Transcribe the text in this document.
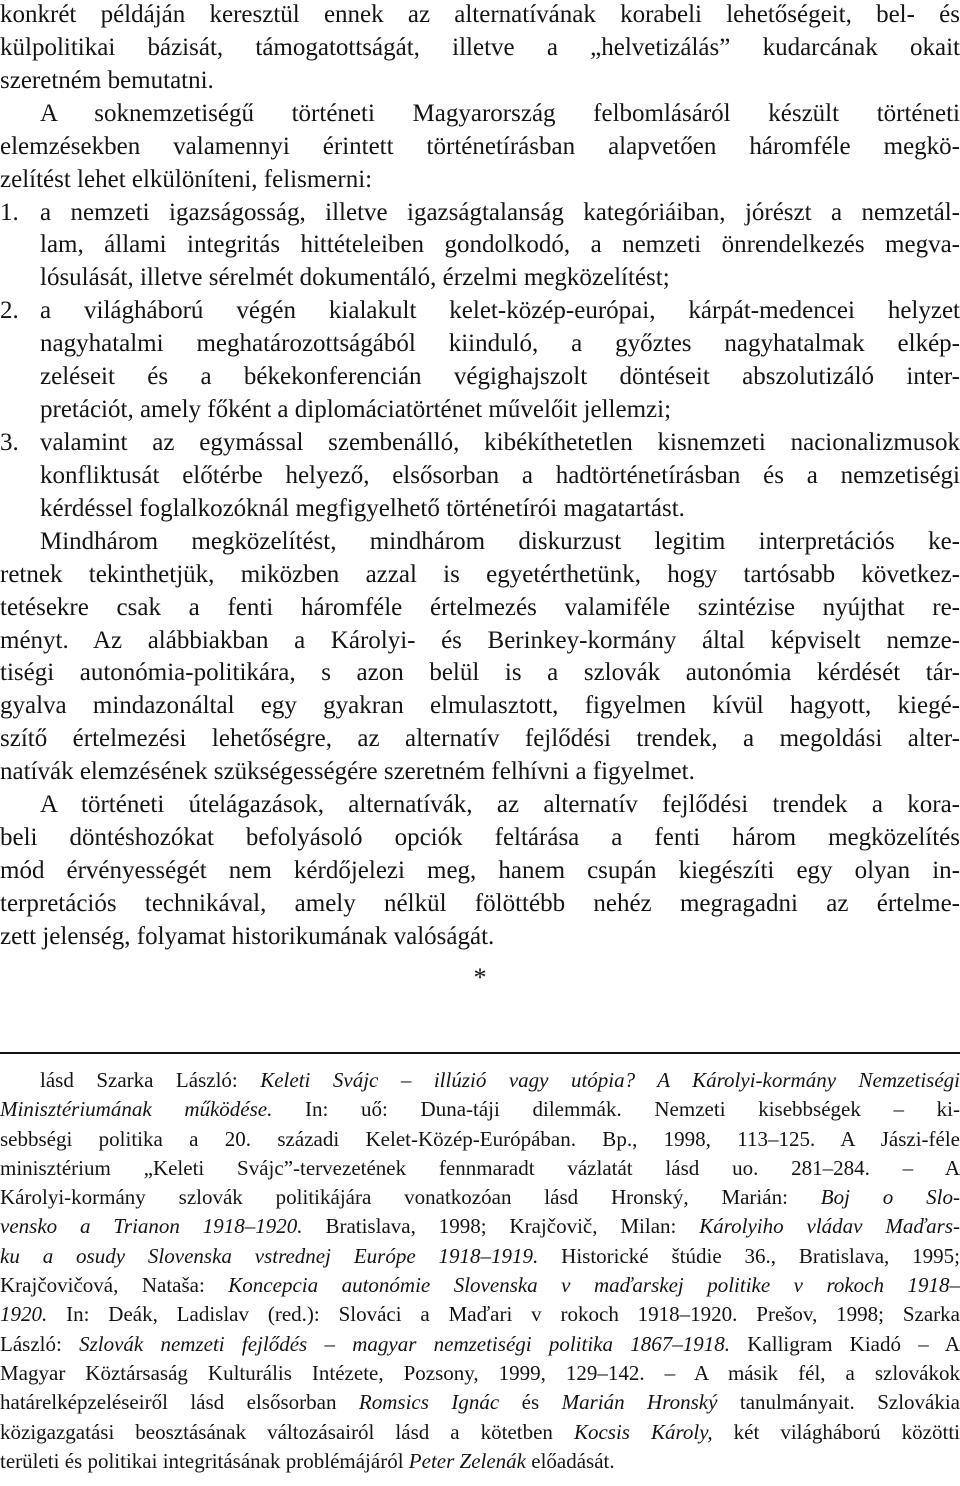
konkrét példáján keresztül ennek az alternatívának korabeli lehetőségeit, bel- és
külpolitikai bázisát, támogatottságát, illetve a „helvetizálás” kudarcának okait
szeretném bemutatni.
A soknemzetiségű történeti Magyarország felbomlásáról készült történeti
elemzésekben valamennyi érintett történetírásban alapvetően háromféle megkö-
zelítést lehet elkülöníteni, felismerni:
1. a nemzeti igazságosság, illetve igazságtalanság kategóriáiban, jórészt a nemzetál-
lam, állami integritás hittételeiben gondolkodó, a nemzeti önrendelkezés megva-
lósulását, illetve sérelmét dokumentáló, érzelmi megközelítést;
2. a világháború végén kialakult kelet-közép-európai, kárpát-medencei helyzet
nagyhatalmi meghatározottságából kiinduló, a győztes nagyhatalmak elkép-
zeléseit és a békekonferencián végighajszolt döntéseit abszolutizáló inter-
pretációt, amely főként a diplomáciatörténet művelőit jellemzi;
3. valamint az egymással szembenálló, kibékíthetetlen kisnemzeti nacionalizmusok
konfliktusát előtérbe helyező, elsősorban a hadtörténetírásban és a nemzetiségi
kérdéssel foglalkozóknál megfigyelhető történetírói magatartást.
Mindhárom megközelítést, mindhárom diskurzust legitim interpretációs ke-
retnek tekinthetjük, miközben azzal is egyetérthetünk, hogy tartósabb következ-
tetésekre csak a fenti háromféle értelmezés valamiféle szintézise nyújthat re-
ményt. Az alábbiakban a Károlyi- és Berinkey-kormány által képviselt nemze-
tiségi autonómia-politikára, s azon belül is a szlovák autonómia kérdését tár-
gyalva mindazonáltal egy gyakran elmulasztott, figyelmen kívül hagyott, kiegé-
szítő értelmezési lehetőségre, az alternatív fejlődési trendek, a megoldási alter-
natívák elemzésének szükségességére szeretném felhívni a figyelmet.
A történeti útelágazások, alternatívák, az alternatív fejlődési trendek a kora-
beli döntéshozókat befolyásoló opciók feltárása a fenti három megközelítés
mód érvényességét nem kérdőjelezi meg, hanem csupán kiegészíti egy olyan in-
terpretációs technikával, amely nélkül fölöttébb nehéz megragadni az értelme-
zett jelenség, folyamat historikumának valóságát.
*
lásd Szarka László: Keleti Svájc – illúzió vagy utópia? A Károlyi-kormány Nemzetiségi
Minisztériumának működése. In: uő: Duna-táji dilemmák. Nemzeti kisebbségek – ki-
sebbségi politika a 20. századi Kelet-Közép-Európában. Bp., 1998, 113–125. A Jászi-féle
minisztérium „Keleti Svájc”-tervezetének fennmaradt vázlatát lásd uo. 281–284. – A
Károlyi-kormány szlovák politikájára vonatkozóan lásd Hronský, Marián: Boj o Slo-
vensko a Trianon 1918–1920. Bratislava, 1998; Krajčovič, Milan: Károlyiho vládav Maďars-
ku a osudy Slovenska vstrednej Európe 1918–1919. Historické štúdie 36., Bratislava, 1995;
Krajčovičová, Nataša: Koncepcia autonómie Slovenska v maďarskej politike v rokoch 1918–
1920. In: Deák, Ladislav (red.): Slováci a Maďari v rokoch 1918–1920. Prešov, 1998; Szarka
László: Szlovák nemzeti fejlődés – magyar nemzetiségi politika 1867–1918. Kalligram Kiadó – A
Magyar Köztársaság Kulturális Intézete, Pozsony, 1999, 129–142. – A másik fél, a szlovákok
határelképzeléseiről lásd elsősorban Romsics Ignác és Marián Hronský tanulmányait. Szlovákia
közigazgatási beosztásának változásairól lásd a kötetben Kocsis Károly, két világháború közötti
területi és politikai integritásának problémájáról Peter Zelenák előadását.
